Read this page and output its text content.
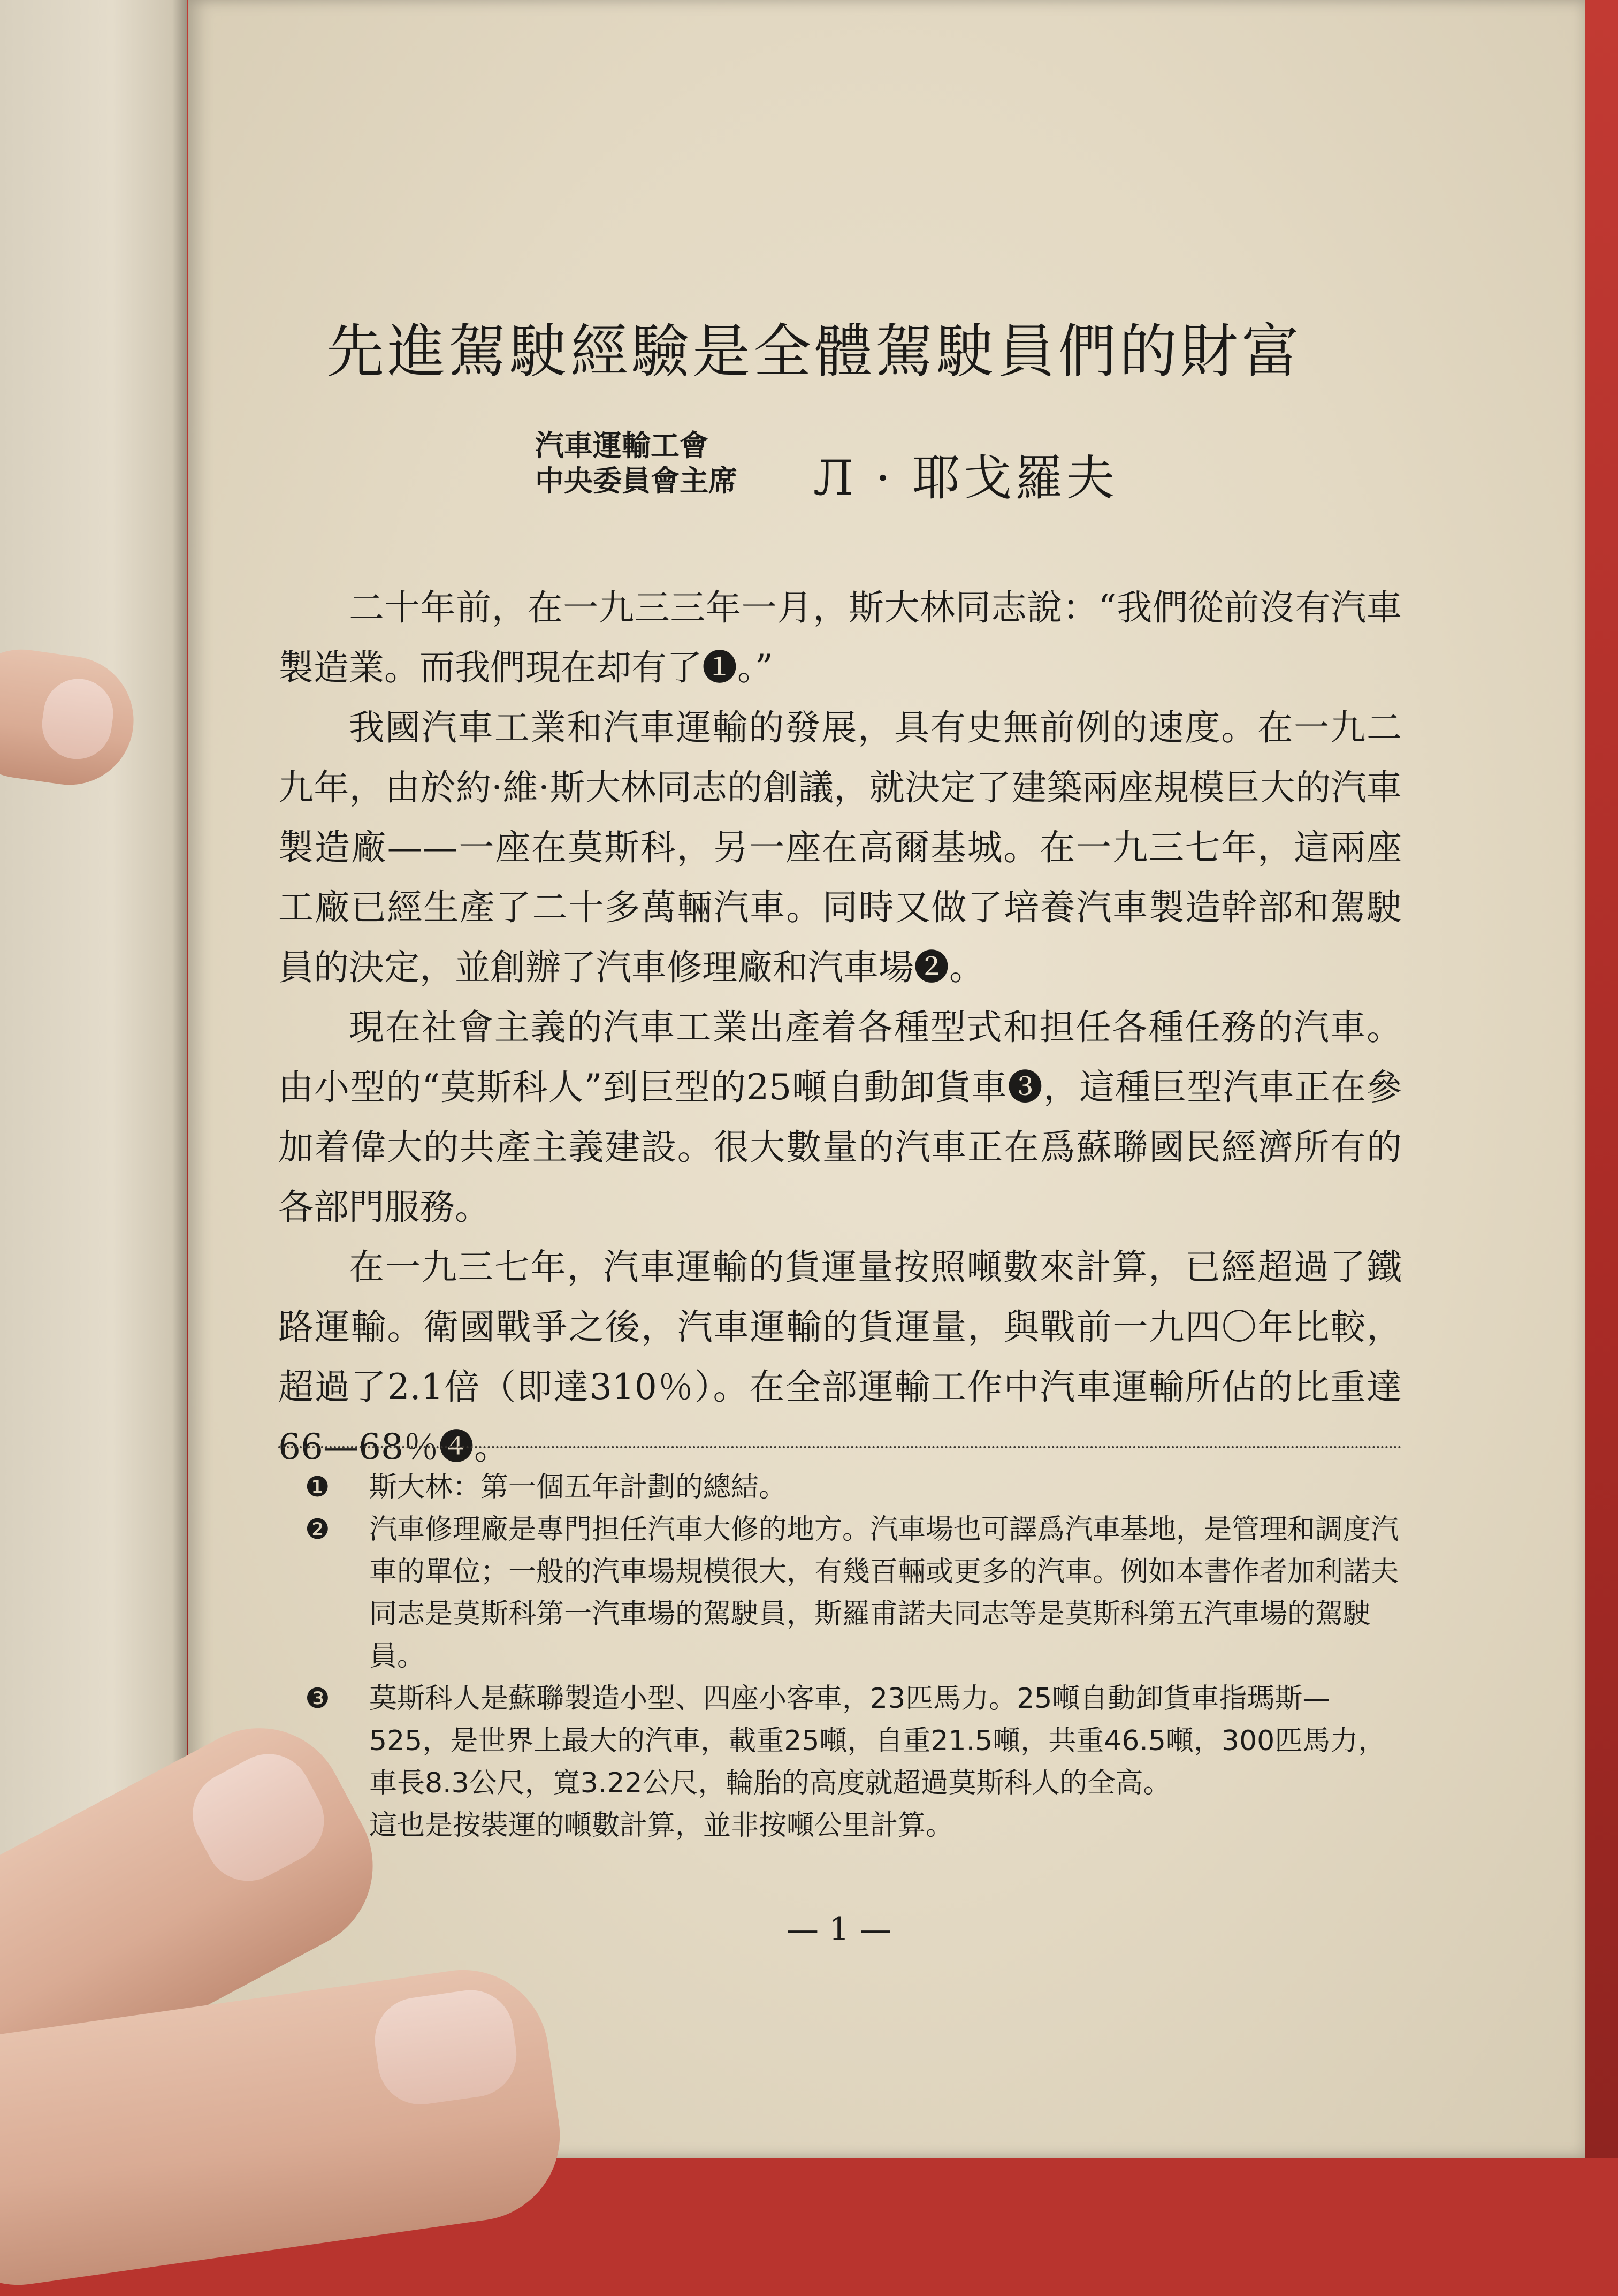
先進駕駛經驗是全體駕駛員們的財富
汽車運輸工會
中央委員會主席 Л · 耶戈羅夫

二十年前，在一九三三年一月，斯大林同志說：“我們從前沒有汽車製造業。而我們現在却有了❶。”

我國汽車工業和汽車運輸的發展，具有史無前例的速度。在一九二九年，由於約·維·斯大林同志的創議，就決定了建築兩座規模巨大的汽車製造廠——一座在莫斯科，另一座在高爾基城。在一九三七年，這兩座工廠已經生產了二十多萬輛汽車。同時又做了培養汽車製造幹部和駕駛員的決定，並創辦了汽車修理廠和汽車場❷。

現在社會主義的汽車工業出產着各種型式和担任各種任務的汽車。由小型的“莫斯科人”到巨型的25噸自動卸貨車❸，這種巨型汽車正在參加着偉大的共產主義建設。很大數量的汽車正在爲蘇聯國民經濟所有的各部門服務。

在一九三七年，汽車運輸的貨運量按照噸數來計算，已經超過了鐵路運輸。衛國戰爭之後，汽車運輸的貨運量，與戰前一九四〇年比較，超過了2.1倍（即達310％）。在全部運輸工作中汽車運輸所佔的比重達66—68％❹。

❶ 斯大林：第一個五年計劃的總結。
❷ 汽車修理廠是專門担任汽車大修的地方。汽車場也可譯爲汽車基地，是管理和調度汽車的單位；一般的汽車場規模很大，有幾百輛或更多的汽車。例如本書作者加利諾夫同志是莫斯科第一汽車場的駕駛員，斯羅甫諾夫同志等是莫斯科第五汽車場的駕駛員。
❸ 莫斯科人是蘇聯製造小型、四座小客車，23匹馬力。25噸自動卸貨車指瑪斯—525，是世界上最大的汽車，載重25噸，自重21.5噸，共重46.5噸，300匹馬力，車長8.3公尺，寬3.22公尺，輪胎的高度就超過莫斯科人的全高。
這也是按裝運的噸數計算，並非按噸公里計算。
— 1 —
